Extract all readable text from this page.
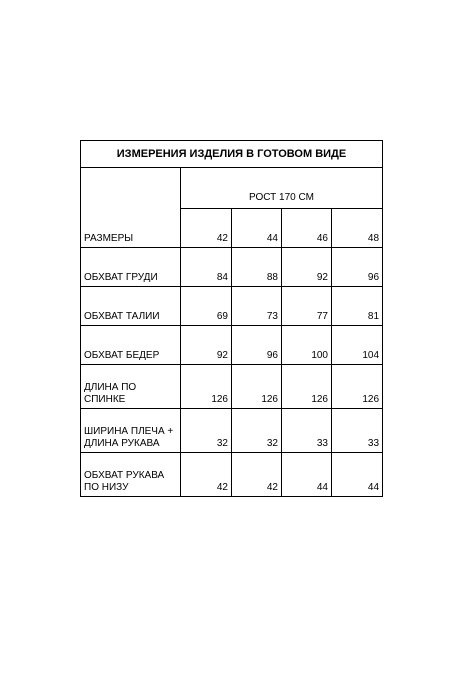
ИЗМЕРЕНИЯ ИЗДЕЛИЯ В ГОТОВОМ ВИДЕ				
	РОСТ 170 СМ			
РАЗМЕРЫ	42	44	46	48
ОБХВАТ ГРУДИ	84	88	92	96
ОБХВАТ ТАЛИИ	69	73	77	81
ОБХВАТ БЕДЕР	92	96	100	104
ДЛИНА ПО СПИНКЕ	126	126	126	126
ШИРИНА ПЛЕЧА + ДЛИНА РУКАВА	32	32	33	33
ОБХВАТ РУКАВА ПО НИЗУ	42	42	44	44
